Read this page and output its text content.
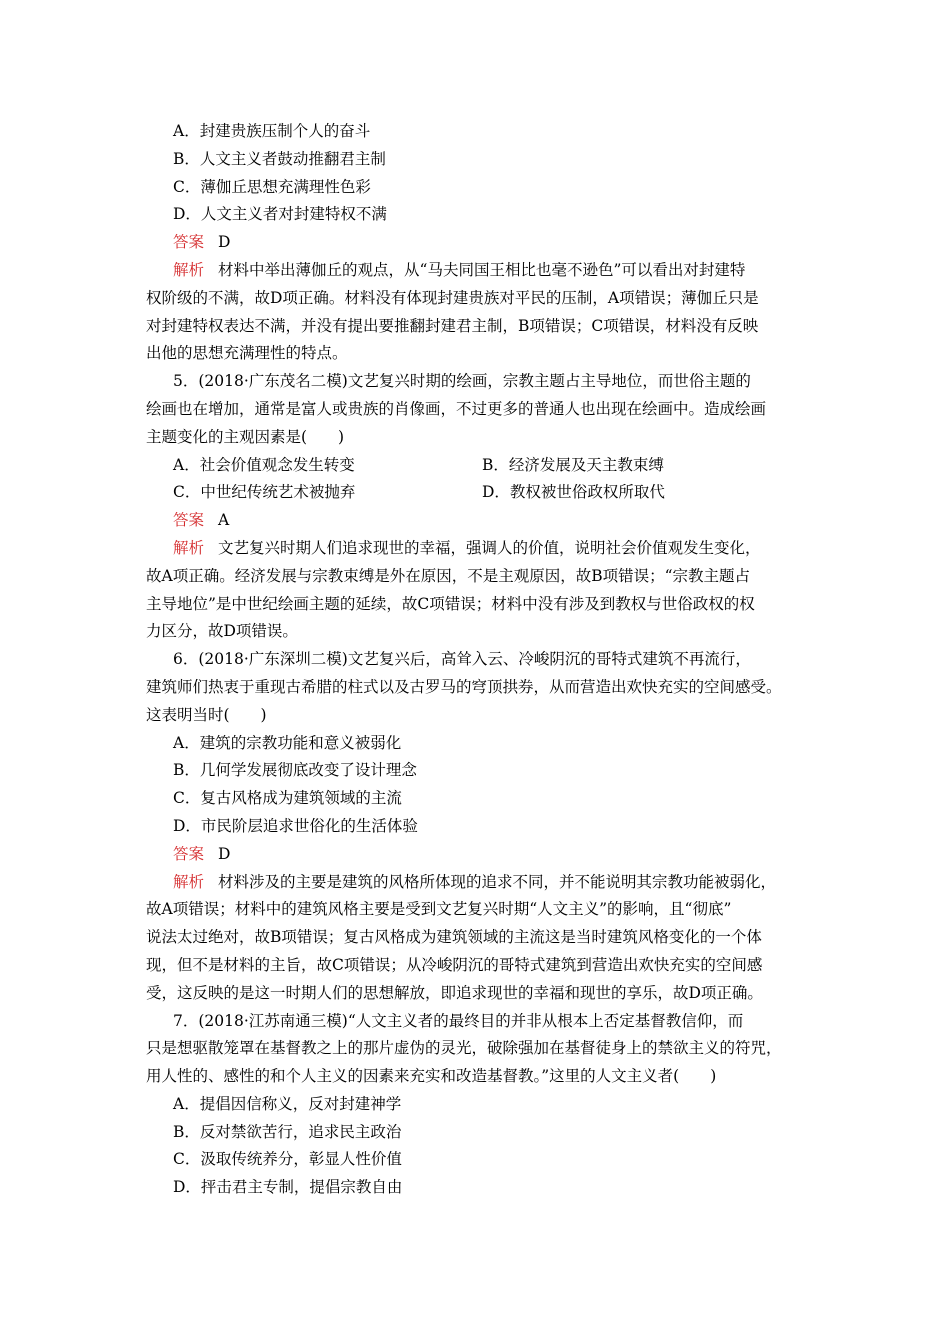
A．封建贵族压制个人的奋斗
B．人文主义者鼓动推翻君主制
C．薄伽丘思想充满理性色彩
D．人文主义者对封建特权不满
答案 D
解析 材料中举出薄伽丘的观点，从“马夫同国王相比也毫不逊色”可以看出对封建特
权阶级的不满，故D项正确。材料没有体现封建贵族对平民的压制，A项错误；薄伽丘只是
对封建特权表达不满，并没有提出要推翻封建君主制，B项错误；C项错误，材料没有反映
出他的思想充满理性的特点。
5．(2018·广东茂名二模)文艺复兴时期的绘画，宗教主题占主导地位，而世俗主题的
绘画也在增加，通常是富人或贵族的肖像画，不过更多的普通人也出现在绘画中。造成绘画
主题变化的主观因素是(　　)
A．社会价值观念发生转变	B．经济发展及天主教束缚
C．中世纪传统艺术被抛弃	D．教权被世俗政权所取代
答案 A
解析 文艺复兴时期人们追求现世的幸福，强调人的价值，说明社会价值观发生变化，
故A项正确。经济发展与宗教束缚是外在原因，不是主观原因，故B项错误；“宗教主题占
主导地位”是中世纪绘画主题的延续，故C项错误；材料中没有涉及到教权与世俗政权的权
力区分，故D项错误。
6．(2018·广东深圳二模)文艺复兴后，高耸入云、冷峻阴沉的哥特式建筑不再流行，
建筑师们热衷于重现古希腊的柱式以及古罗马的穹顶拱券，从而营造出欢快充实的空间感受。
这表明当时(　　)
A．建筑的宗教功能和意义被弱化
B．几何学发展彻底改变了设计理念
C．复古风格成为建筑领域的主流
D．市民阶层追求世俗化的生活体验
答案 D
解析 材料涉及的主要是建筑的风格所体现的追求不同，并不能说明其宗教功能被弱化，
故A项错误；材料中的建筑风格主要是受到文艺复兴时期“人文主义”的影响，且“彻底”
说法太过绝对，故B项错误；复古风格成为建筑领域的主流这是当时建筑风格变化的一个体
现，但不是材料的主旨，故C项错误；从冷峻阴沉的哥特式建筑到营造出欢快充实的空间感
受，这反映的是这一时期人们的思想解放，即追求现世的幸福和现世的享乐，故D项正确。
7．(2018·江苏南通三模)“人文主义者的最终目的并非从根本上否定基督教信仰，而
只是想驱散笼罩在基督教之上的那片虚伪的灵光，破除强加在基督徒身上的禁欲主义的符咒，
用人性的、感性的和个人主义的因素来充实和改造基督教。”这里的人文主义者(　　)
A．提倡因信称义，反对封建神学
B．反对禁欲苦行，追求民主政治
C．汲取传统养分，彰显人性价值
D．抨击君主专制，提倡宗教自由
